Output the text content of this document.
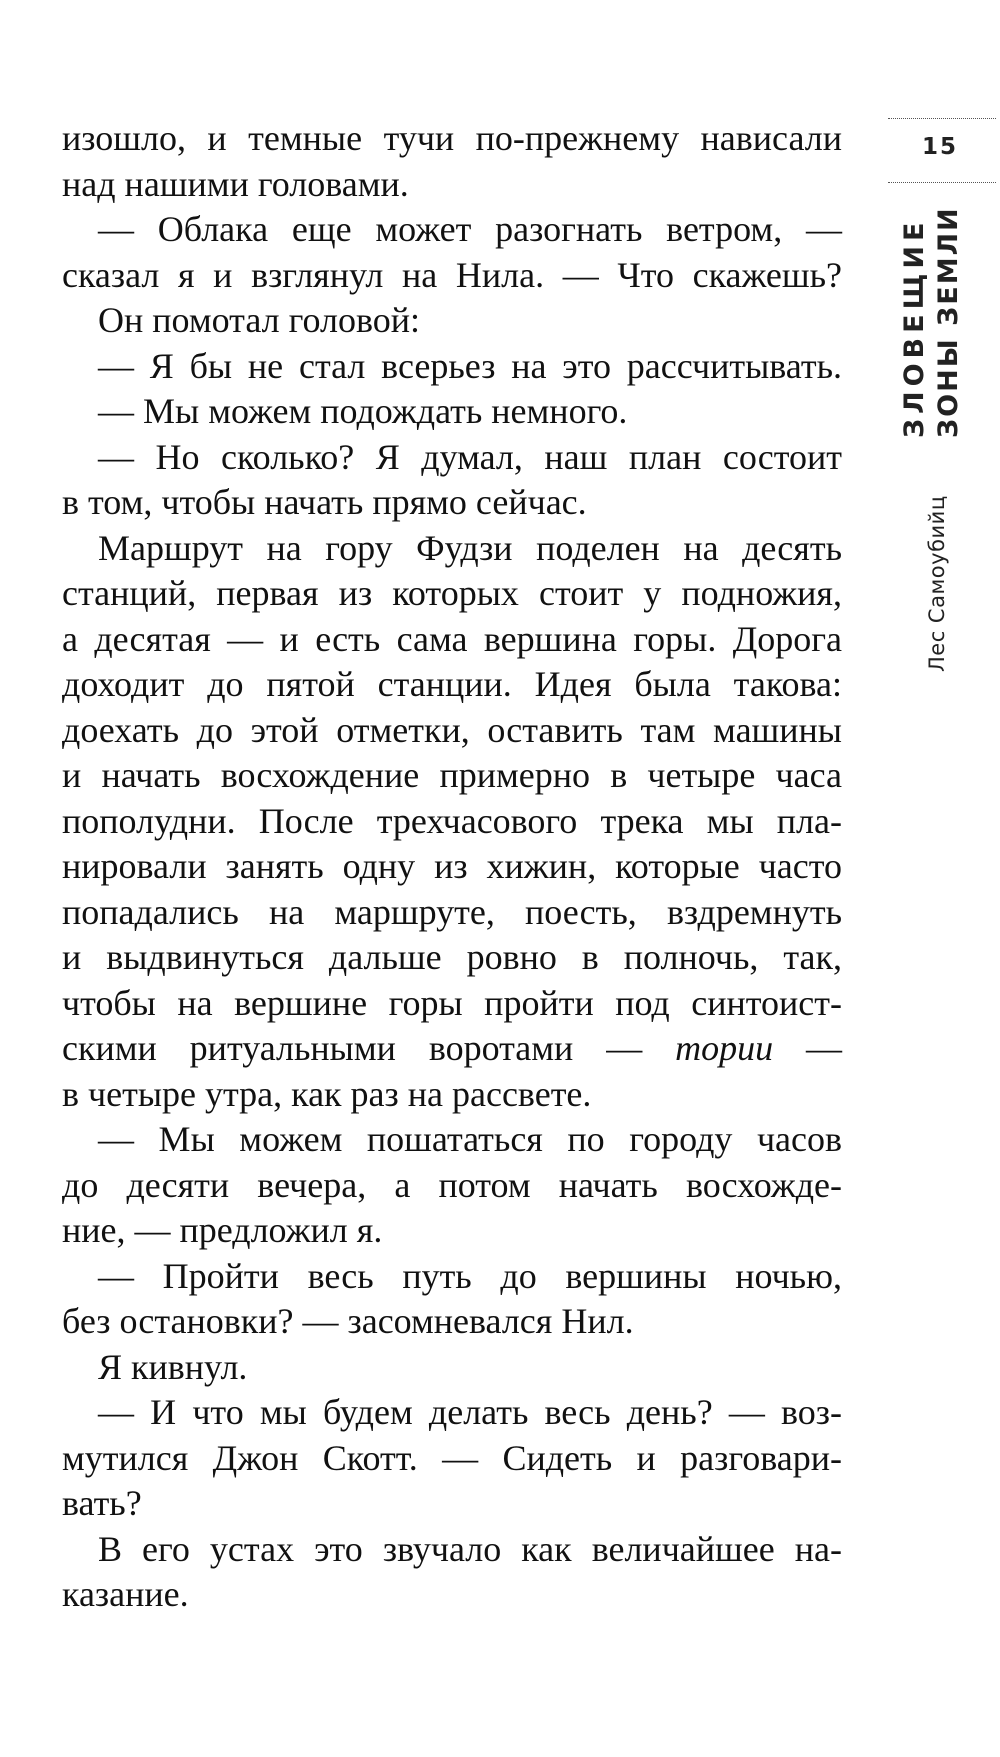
15
ЗЛОВЕЩИЕ ЗОНЫ ЗЕМЛИ
Лес Самоубийц
изошло, и темные тучи по-прежнему нависали
над нашими головами.
— Облака еще может разогнать ветром, —
сказал я и взглянул на Нила. — Что скажешь?
Он помотал головой:
— Я бы не стал всерьез на это рассчитывать.
— Мы можем подождать немного.
— Но сколько? Я думал, наш план состоит
в том, чтобы начать прямо сейчас.
Маршрут на гору Фудзи поделен на десять
станций, первая из которых стоит у подножия,
а десятая — и есть сама вершина горы. Дорога
доходит до пятой станции. Идея была такова:
доехать до этой отметки, оставить там машины
и начать восхождение примерно в четыре часа
пополудни. После трехчасового трека мы пла-
нировали занять одну из хижин, которые часто
попадались на маршруте, поесть, вздремнуть
и выдвинуться дальше ровно в полночь, так,
чтобы на вершине горы пройти под синтоист-
скими ритуальными воротами — тории —
в четыре утра, как раз на рассвете.
— Мы можем пошататься по городу часов
до десяти вечера, а потом начать восхожде-
ние, — предложил я.
— Пройти весь путь до вершины ночью,
без остановки? — засомневался Нил.
Я кивнул.
— И что мы будем делать весь день? — воз-
мутился Джон Скотт. — Сидеть и разговари-
вать?
В его устах это звучало как величайшее на-
казание.
